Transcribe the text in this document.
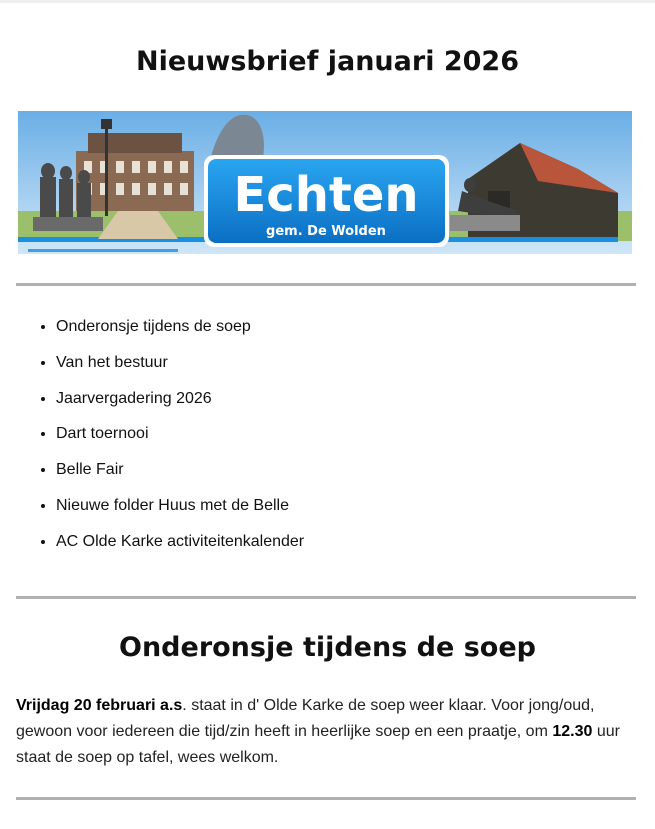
Nieuwsbrief januari 2026
Echten
gem. De Wolden
• Onderonsje tijdens de soep
• Van het bestuur
• Jaarvergadering 2026
• Dart toernooi
• Belle Fair
• Nieuwe folder Huus met de Belle
• AC Olde Karke activiteitenkalender
Onderonsje tijdens de soep

Vrijdag 20 februari a.s. staat in d' Olde Karke de soep weer klaar. Voor jong/oud, gewoon voor iedereen die tijd/zin heeft in heerlijke soep en een praatje, om 12.30 uur staat de soep op tafel, wees welkom.
